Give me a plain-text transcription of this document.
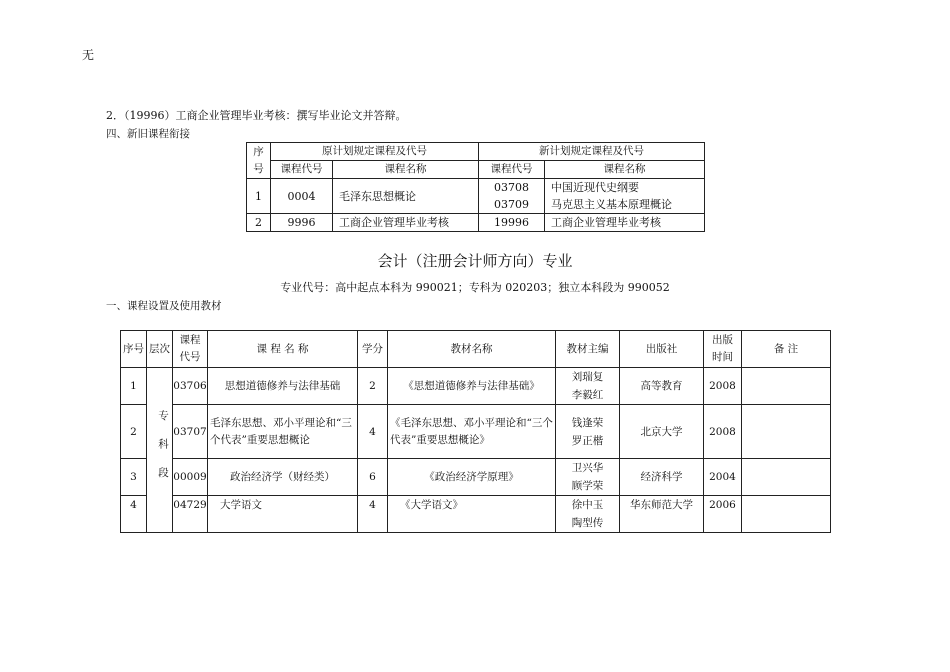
无
2．（19996）工商企业管理毕业考核：撰写毕业论文并答辩。
四、新旧课程衔接
序号	原计划规定课程及代号		新计划规定课程及代号	
	课程代号	课程名称	课程代号	课程名称
1	0004	毛泽东思想概论	03708	中国近现代史纲要
			03709	马克思主义基本原理概论
2	9996	工商企业管理毕业考核	19996	工商企业管理毕业考核
会计（注册会计师方向）专业
专业代号：高中起点本科为 990021；专科为 020203；独立本科段为 990052
一、课程设置及使用教材
序号	层次	课程代号	课 程 名 称	学分	教材名称	教材主编	出版社	出版时间	备 注
1	专科段	03706	思想道德修养与法律基础	2	《思想道德修养与法律基础》	刘瑞复 李毅红	高等教育	2008	
2		03707	毛泽东思想、邓小平理论和“三个代表”重要思想概论	4	《毛泽东思想、邓小平理论和“三个代表”重要思想概论》	钱逢荣 罗正楷	北京大学	2008	
3		00009	政治经济学（财经类）	6	《政治经济学原理》	卫兴华 顾学荣	经济科学	2004	
4		04729	大学语文	4	《大学语文》	徐中玉 陶型传	华东师范大学	2006	
